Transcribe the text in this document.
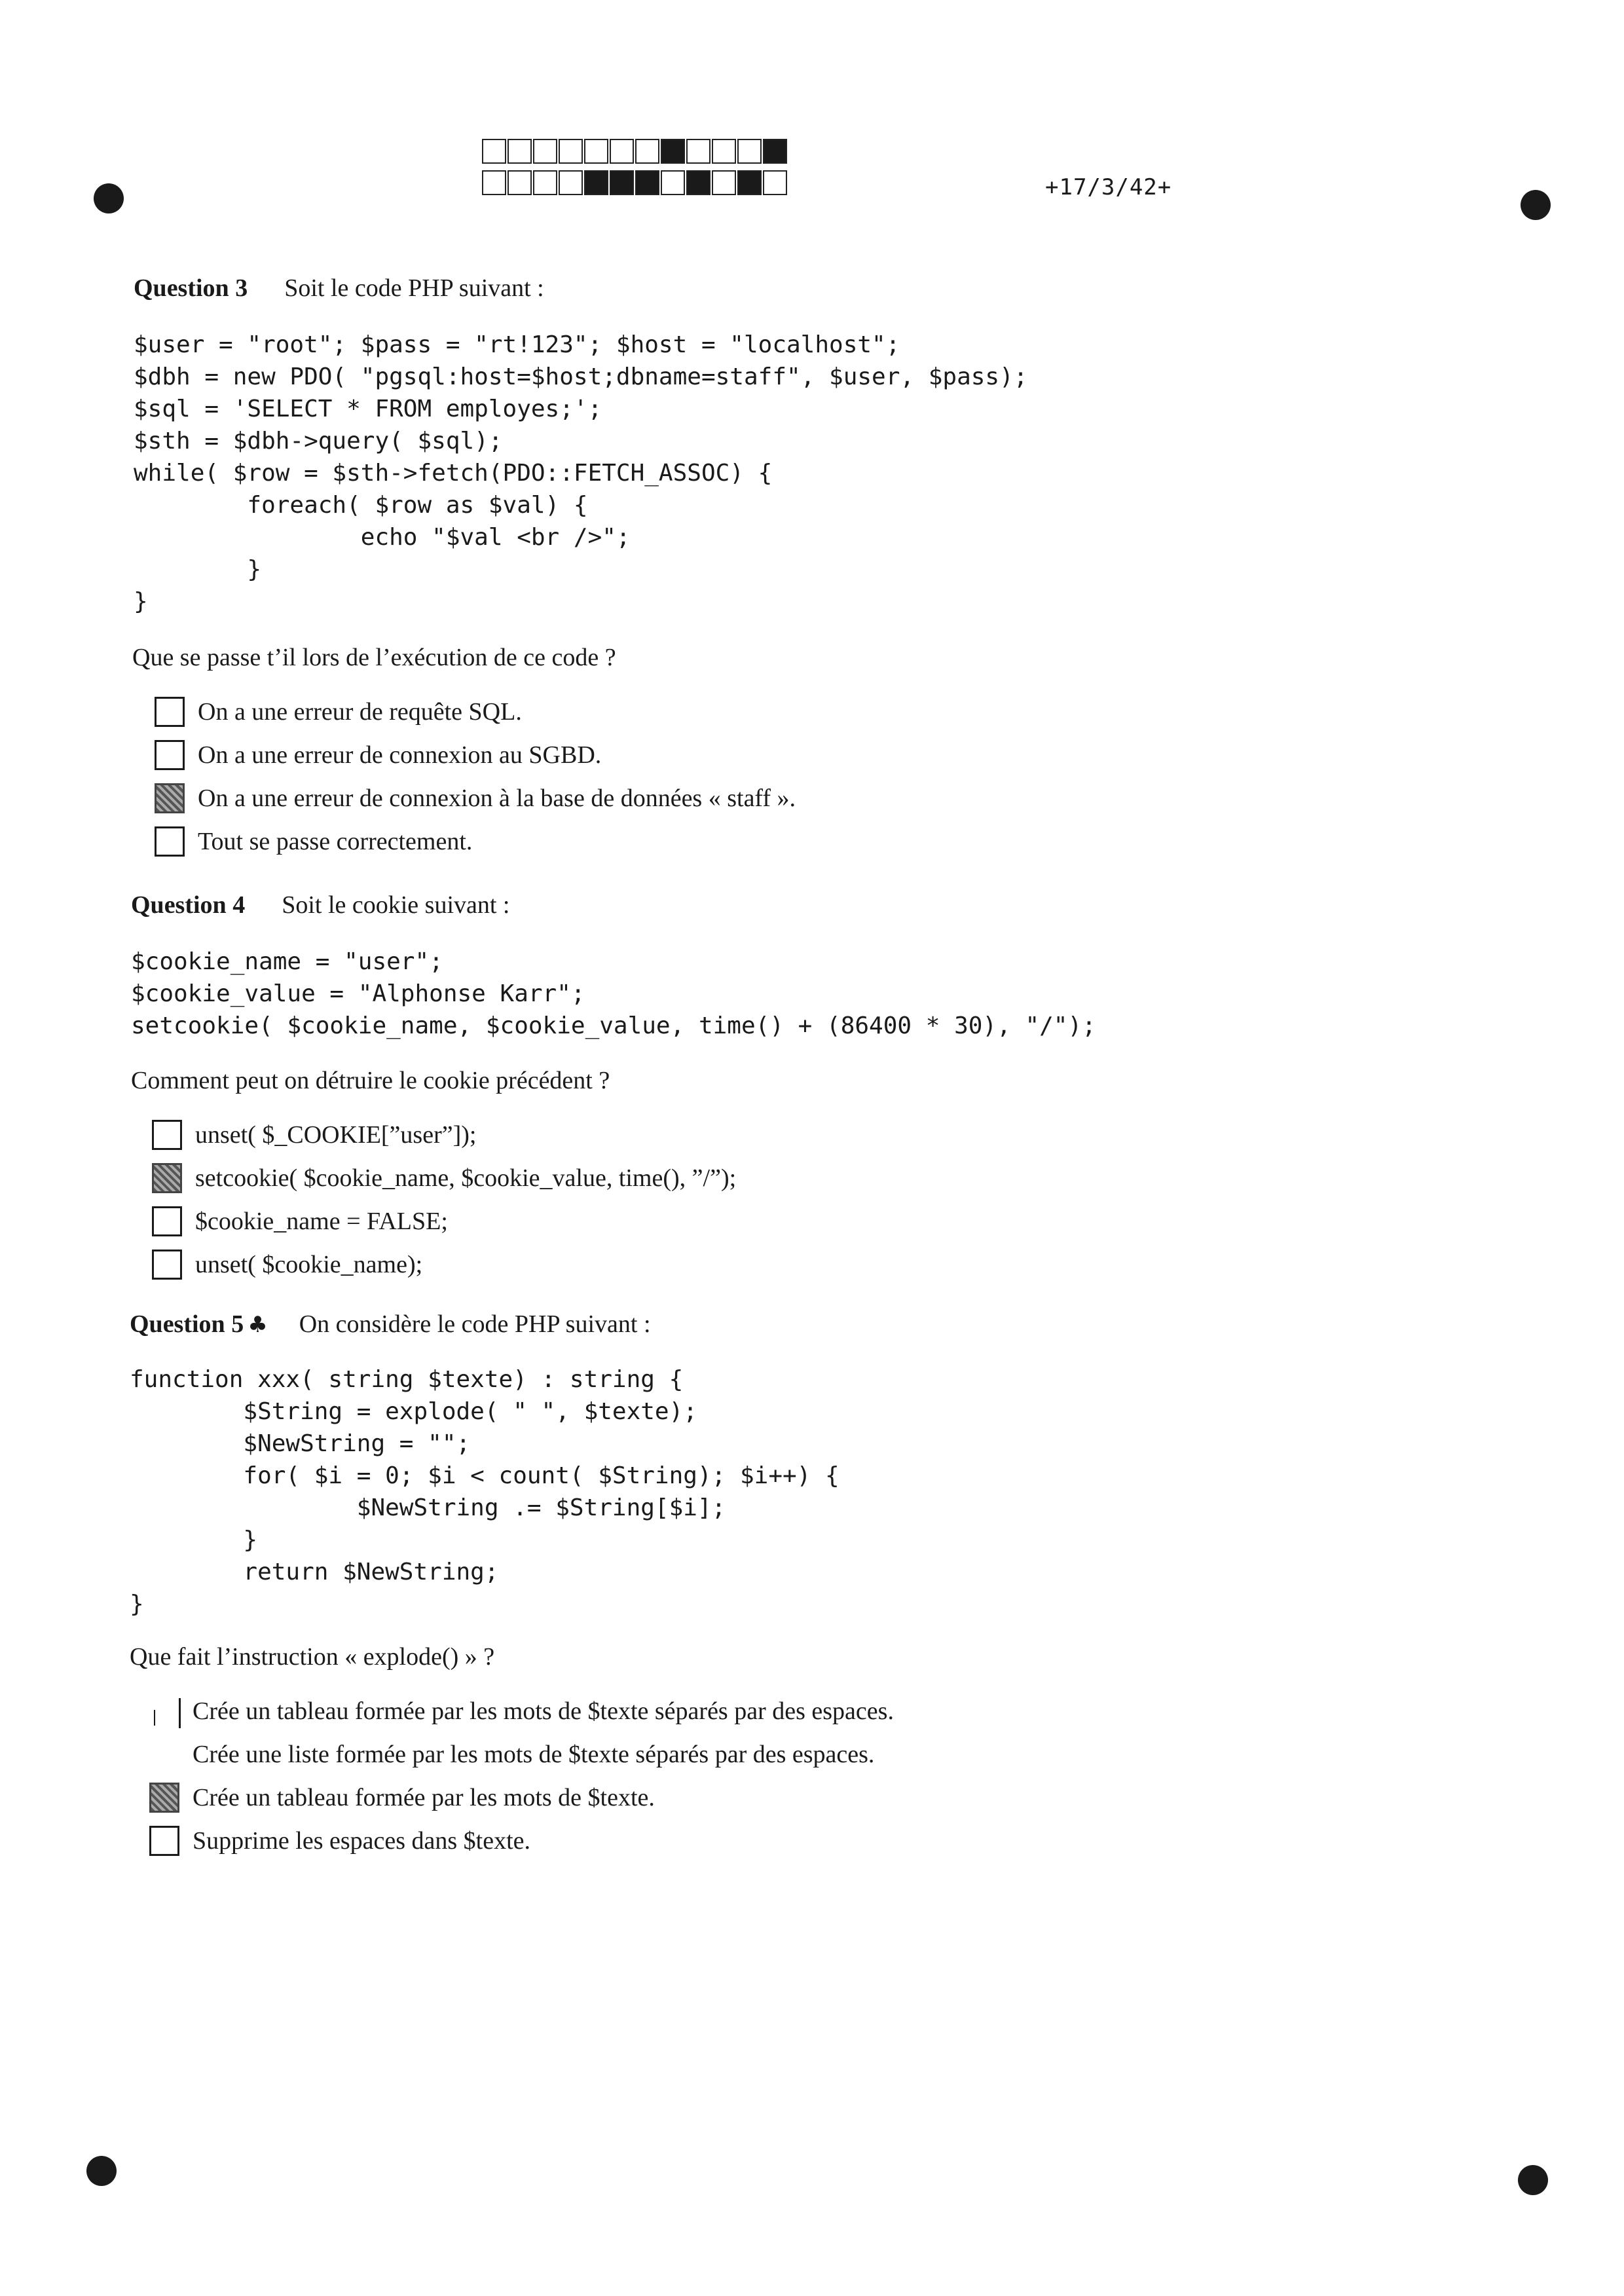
+17/3/42+
Question 3 Soit le code PHP suivant :
$user = "root"; $pass = "rt!123"; $host = "localhost";
$dbh = new PDO( "pgsql:host=$host;dbname=staff", $user, $pass);
$sql = 'SELECT * FROM employes;';
$sth = $dbh->query( $sql);
while( $row = $sth->fetch(PDO::FETCH_ASSOC) {
foreach( $row as $val) {
echo "$val <br />";
}
}
Que se passe t’il lors de l’exécution de ce code ?
On a une erreur de requête SQL.
On a une erreur de connexion au SGBD.
On a une erreur de connexion à la base de données « staff ».
Tout se passe correctement.
Question 4 Soit le cookie suivant :
$cookie_name = "user";
$cookie_value = "Alphonse Karr";
setcookie( $cookie_name, $cookie_value, time() + (86400 * 30), "/");
Comment peut on détruire le cookie précédent ?
unset( $_COOKIE[”user”]);
setcookie( $cookie_name, $cookie_value, time(), ”/”);
$cookie_name = FALSE;
unset( $cookie_name);
Question 5 ♣ On considère le code PHP suivant :
function xxx( string $texte) : string {
$String = explode( " ", $texte);
$NewString = "";
for( $i = 0; $i < count( $String); $i++) {
$NewString .= $String[$i];
}
return $NewString;
}
Que fait l’instruction « explode() » ?
Crée un tableau formée par les mots de $texte séparés par des espaces.
Crée une liste formée par les mots de $texte séparés par des espaces.
Crée un tableau formée par les mots de $texte.
Supprime les espaces dans $texte.
